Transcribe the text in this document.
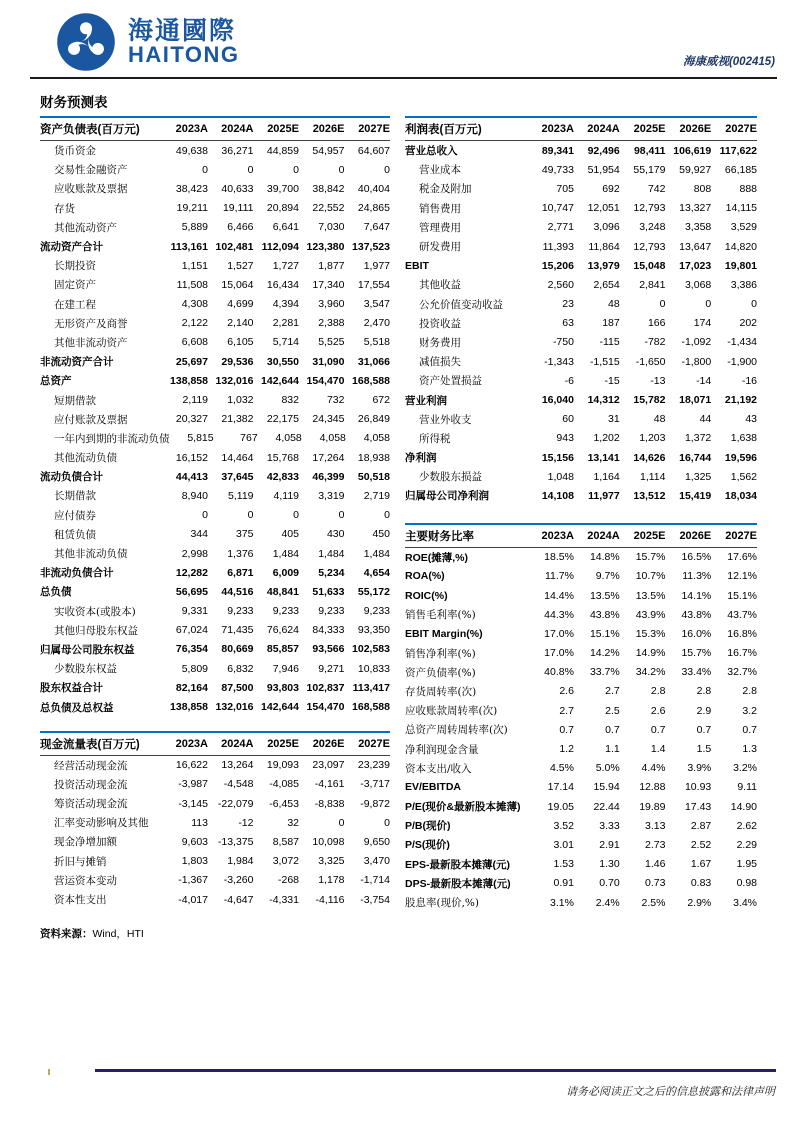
海通國際
HAITONG	海康威视(002415)
财务预测表
资产负债表(百万元)	2023A	2024A	2025E	2026E	2027E
货币资金	49,638	36,271	44,859	54,957	64,607
交易性金融资产	0	0	0	0	0
应收账款及票据	38,423	40,633	39,700	38,842	40,404
存货	19,211	19,111	20,894	22,552	24,865
其他流动资产	5,889	6,466	6,641	7,030	7,647
流动资产合计	113,161 102,481 112,094 123,380 137,523
长期投资	1,151	1,527	1,727	1,877	1,977
固定资产	11,508	15,064	16,434	17,340	17,554
在建工程	4,308	4,699	4,394	3,960	3,547
无形资产及商誉	2,122	2,140	2,281	2,388	2,470
其他非流动资产	6,608	6,105	5,714	5,525	5,518
非流动资产合计	25,697	29,536	30,550	31,090	31,066
总资产	138,858 132,016 142,644 154,470 168,588
短期借款	2,119	1,032	832	732	672
应付账款及票据	20,327	21,382	22,175	24,345	26,849
一年内到期的非流动负债	5,815	767	4,058	4,058	4,058
其他流动负债	16,152	14,464	15,768	17,264	18,938
流动负债合计	44,413	37,645	42,833	46,399	50,518
长期借款	8,940	5,119	4,119	3,319	2,719
应付债券	0	0	0	0	0
租赁负债	344	375	405	430	450
其他非流动负债	2,998	1,376	1,484	1,484	1,484
非流动负债合计	12,282	6,871	6,009	5,234	4,654
总负债	56,695	44,516	48,841	51,633	55,172
实收资本(或股本)	9,331	9,233	9,233	9,233	9,233
其他归母股东权益	67,024	71,435	76,624	84,333	93,350
归属母公司股东权益	76,354	80,669	85,857	93,566 102,583
少数股东权益	5,809	6,832	7,946	9,271	10,833
股东权益合计	82,164	87,500	93,803 102,837 113,417
总负债及总权益	138,858 132,016 142,644 154,470 168,588
现金流量表(百万元)	2023A	2024A	2025E	2026E	2027E
经营活动现金流	16,622	13,264	19,093	23,097	23,239
投资活动现金流	-3,987	-4,548	-4,085	-4,161	-3,717
筹资活动现金流	-3,145 -22,079	-6,453	-8,838	-9,872
汇率变动影响及其他	113	-12	32	0	0
现金净增加额	9,603 -13,375	8,587	10,098	9,650
折旧与摊销	1,803	1,984	3,072	3,325	3,470
营运资本变动	-1,367	-3,260	-268	1,178	-1,714
资本性支出	-4,017	-4,647	-4,331	-4,116	-3,754
资料来源：Wind，HTI
利润表(百万元)	2023A	2024A	2025E	2026E	2027E
营业总收入	89,341	92,496	98,411 106,619 117,622
营业成本	49,733	51,954	55,179	59,927	66,185
税金及附加	705	692	742	808	888
销售费用	10,747	12,051	12,793	13,327	14,115
管理费用	2,771	3,096	3,248	3,358	3,529
研发费用	11,393	11,864	12,793	13,647	14,820
EBIT	15,206	13,979	15,048	17,023	19,801
其他收益	2,560	2,654	2,841	3,068	3,386
公允价值变动收益	23	48	0	0	0
投资收益	63	187	166	174	202
财务费用	-750	-115	-782	-1,092	-1,434
减值损失	-1,343	-1,515	-1,650	-1,800	-1,900
资产处置损益	-6	-15	-13	-14	-16
营业利润	16,040	14,312	15,782	18,071	21,192
营业外收支	60	31	48	44	43
所得税	943	1,202	1,203	1,372	1,638
净利润	15,156	13,141	14,626	16,744	19,596
少数股东损益	1,048	1,164	1,114	1,325	1,562
归属母公司净利润	14,108	11,977	13,512	15,419	18,034
主要财务比率	2023A	2024A	2025E	2026E	2027E
ROE(摊薄,%)	18.5%	14.8%	15.7%	16.5%	17.6%
ROA(%)	11.7%	9.7%	10.7%	11.3%	12.1%
ROIC(%)	14.4%	13.5%	13.5%	14.1%	15.1%
销售毛利率(%)	44.3%	43.8%	43.9%	43.8%	43.7%
EBIT Margin(%)	17.0%	15.1%	15.3%	16.0%	16.8%
销售净利率(%)	17.0%	14.2%	14.9%	15.7%	16.7%
资产负债率(%)	40.8%	33.7%	34.2%	33.4%	32.7%
存货周转率(次)	2.6	2.7	2.8	2.8	2.8
应收账款周转率(次)	2.7	2.5	2.6	2.9	3.2
总资产周转周转率(次)	0.7	0.7	0.7	0.7	0.7
净利润现金含量	1.2	1.1	1.4	1.5	1.3
资本支出/收入	4.5%	5.0%	4.4%	3.9%	3.2%
EV/EBITDA	17.14	15.94	12.88	10.93	9.11
P/E(现价&最新股本摊薄)	19.05	22.44	19.89	17.43	14.90
P/B(现价)	3.52	3.33	3.13	2.87	2.62
P/S(现价)	3.01	2.91	2.73	2.52	2.29
EPS-最新股本摊薄(元)	1.53	1.30	1.46	1.67	1.95
DPS-最新股本摊薄(元)	0.91	0.70	0.73	0.83	0.98
股息率(现价,%)	3.1%	2.4%	2.5%	2.9%	3.4%
请务必阅读正文之后的信息披露和法律声明
